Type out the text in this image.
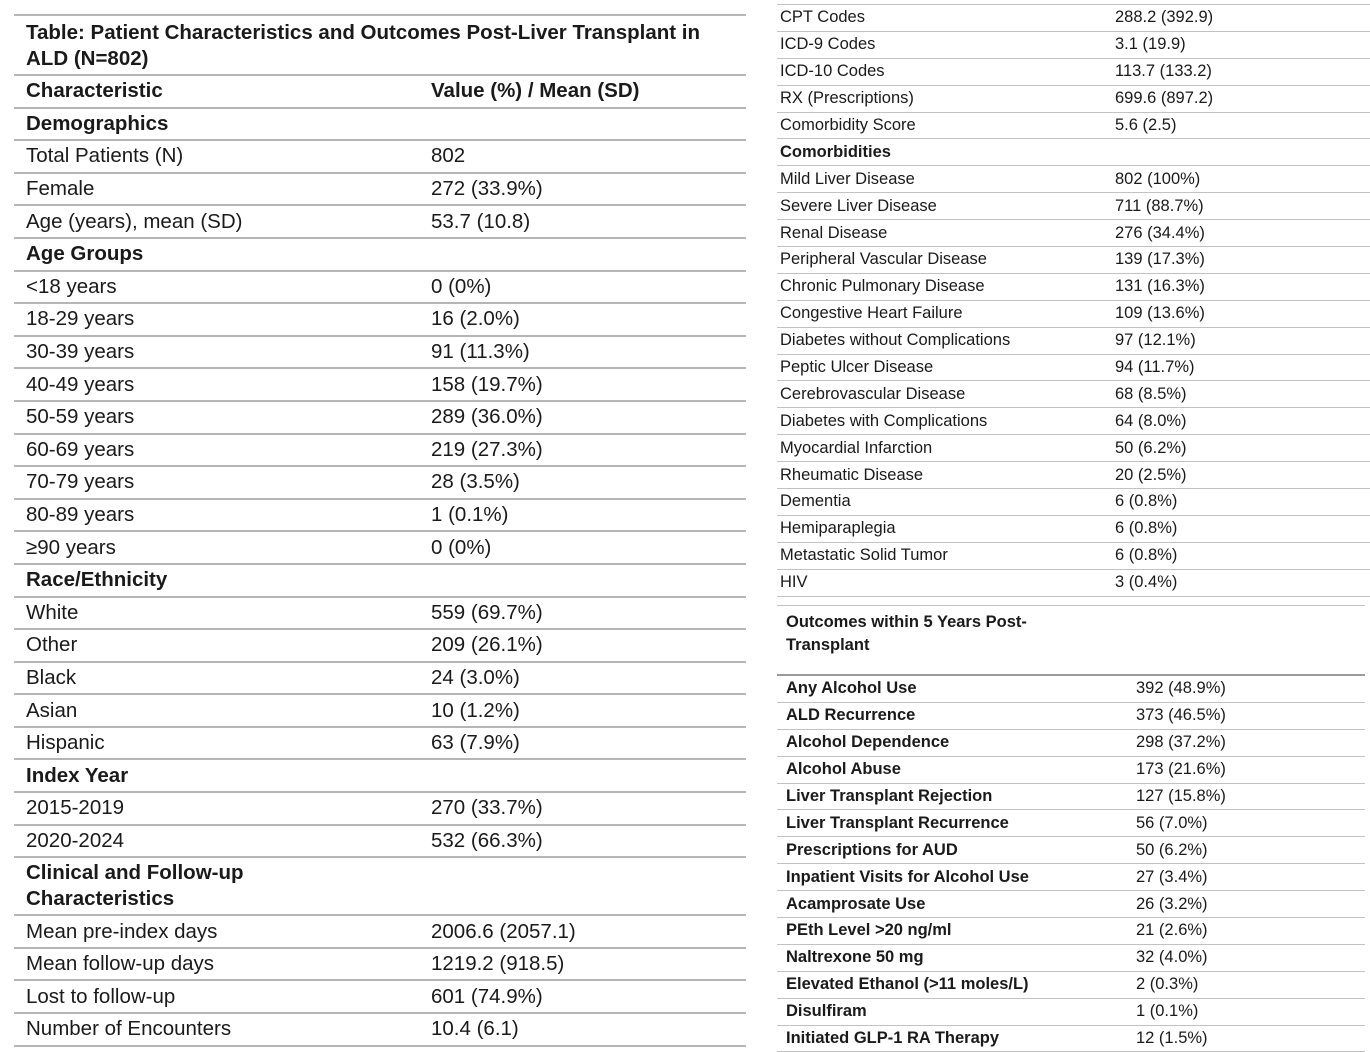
Table: Patient Characteristics and Outcomes Post-Liver Transplant in ALD (N=802)
Characteristic	Value (%) / Mean (SD)
Demographics
Total Patients (N)	802
Female	272 (33.9%)
Age (years), mean (SD)	53.7 (10.8)
Age Groups
<18 years	0 (0%)
18-29 years	16 (2.0%)
30-39 years	91 (11.3%)
40-49 years	158 (19.7%)
50-59 years	289 (36.0%)
60-69 years	219 (27.3%)
70-79 years	28 (3.5%)
80-89 years	1 (0.1%)
≥90 years	0 (0%)
Race/Ethnicity
White	559 (69.7%)
Other	209 (26.1%)
Black	24 (3.0%)
Asian	10 (1.2%)
Hispanic	63 (7.9%)
Index Year
2015-2019	270 (33.7%)
2020-2024	532 (66.3%)
Clinical and Follow-up Characteristics
Mean pre-index days	2006.6 (2057.1)
Mean follow-up days	1219.2 (918.5)
Lost to follow-up	601 (74.9%)
Number of Encounters	10.4 (6.1)
CPT Codes	288.2 (392.9)
ICD-9 Codes	3.1 (19.9)
ICD-10 Codes	113.7 (133.2)
RX (Prescriptions)	699.6 (897.2)
Comorbidity Score	5.6 (2.5)
Comorbidities
Mild Liver Disease	802 (100%)
Severe Liver Disease	711 (88.7%)
Renal Disease	276 (34.4%)
Peripheral Vascular Disease	139 (17.3%)
Chronic Pulmonary Disease	131 (16.3%)
Congestive Heart Failure	109 (13.6%)
Diabetes without Complications	97 (12.1%)
Peptic Ulcer Disease	94 (11.7%)
Cerebrovascular Disease	68 (8.5%)
Diabetes with Complications	64 (8.0%)
Myocardial Infarction	50 (6.2%)
Rheumatic Disease	20 (2.5%)
Dementia	6 (0.8%)
Hemiparaplegia	6 (0.8%)
Metastatic Solid Tumor	6 (0.8%)
HIV	3 (0.4%)
Outcomes within 5 Years Post-Transplant
Any Alcohol Use	392 (48.9%)
ALD Recurrence	373 (46.5%)
Alcohol Dependence	298 (37.2%)
Alcohol Abuse	173 (21.6%)
Liver Transplant Rejection	127 (15.8%)
Liver Transplant Recurrence	56 (7.0%)
Prescriptions for AUD	50 (6.2%)
Inpatient Visits for Alcohol Use	27 (3.4%)
Acamprosate Use	26 (3.2%)
PEth Level >20 ng/ml	21 (2.6%)
Naltrexone 50 mg	32 (4.0%)
Elevated Ethanol (>11 moles/L)	2 (0.3%)
Disulfiram	1 (0.1%)
Initiated GLP-1 RA Therapy	12 (1.5%)
